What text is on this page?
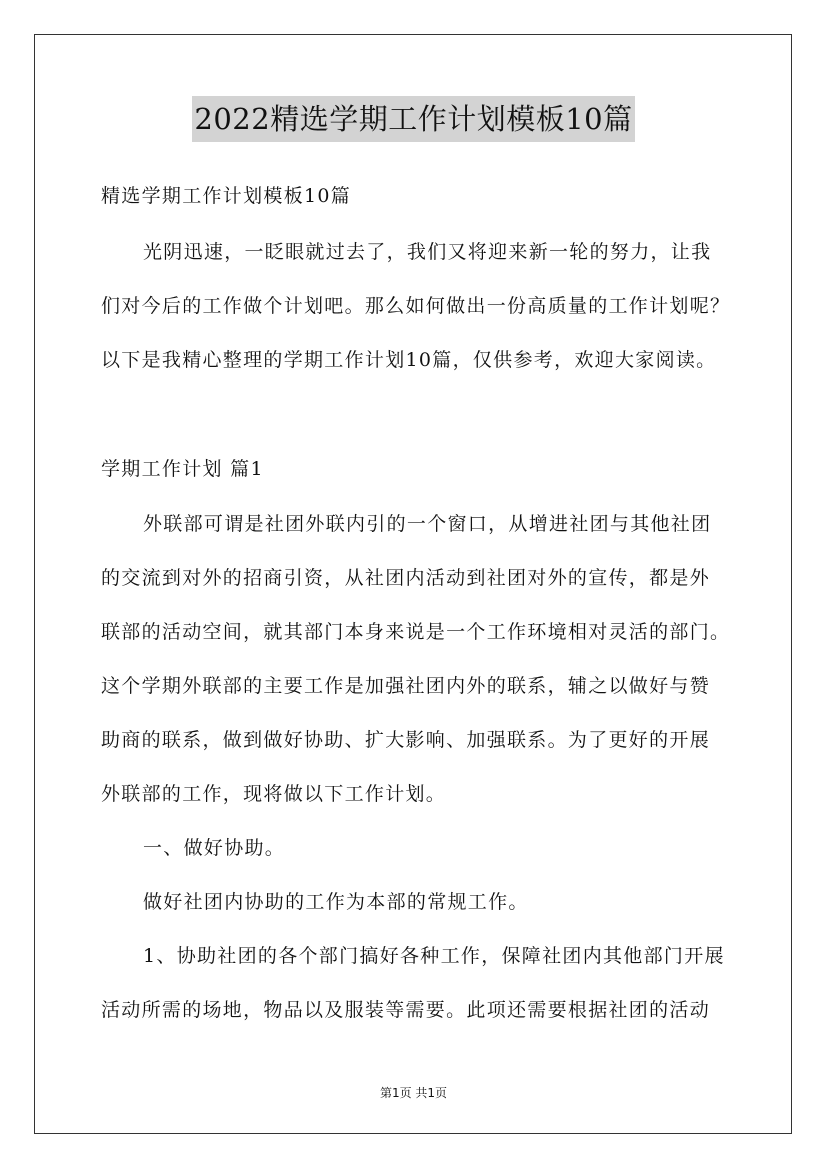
2022精选学期工作计划模板10篇
精选学期工作计划模板10篇
光阴迅速，一眨眼就过去了，我们又将迎来新一轮的努力，让我
们对今后的工作做个计划吧。那么如何做出一份高质量的工作计划呢？
以下是我精心整理的学期工作计划10篇，仅供参考，欢迎大家阅读。
学期工作计划 篇1
外联部可谓是社团外联内引的一个窗口，从增进社团与其他社团
的交流到对外的招商引资，从社团内活动到社团对外的宣传，都是外
联部的活动空间，就其部门本身来说是一个工作环境相对灵活的部门。
这个学期外联部的主要工作是加强社团内外的联系，辅之以做好与赞
助商的联系，做到做好协助、扩大影响、加强联系。为了更好的开展
外联部的工作，现将做以下工作计划。
一、做好协助。
做好社团内协助的工作为本部的常规工作。
1、协助社团的各个部门搞好各种工作，保障社团内其他部门开展
活动所需的场地，物品以及服装等需要。此项还需要根据社团的活动
第1页 共1页
